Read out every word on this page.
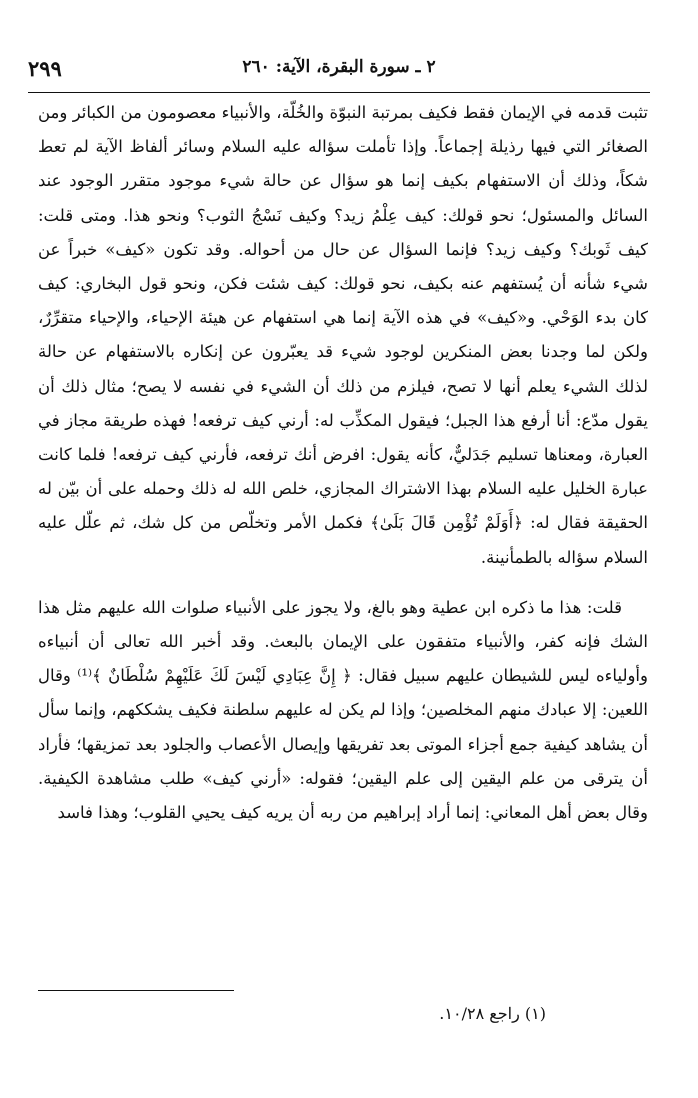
٢٩٩	٢ ـ سورة البقرة، الآية: ٢٦٠

تثبت قدمه في الإيمان فقط فكيف بمرتبة النبوّة والخُلّة، والأنبياء معصومون من الكبائر ومن الصغائر التي فيها رذيلة إجماعاً. وإذا تأملت سؤاله عليه السلام وسائر ألفاظ الآية لم تعط شكاً، وذلك أن الاستفهام بكيف إنما هو سؤال عن حالة شيء موجود متقرر الوجود عند السائل والمسئول؛ نحو قولك: كيف عِلْمُ زيد؟ وكيف نَسْجُ الثوب؟ ونحو هذا. ومتى قلت: كيف ثَوبك؟ وكيف زيد؟ فإنما السؤال عن حال من أحواله. وقد تكون «كيف» خبراً عن شيء شأنه أن يُستفهم عنه بكيف، نحو قولك: كيف شئت فكن، ونحو قول البخاري: كيف كان بدء الوَحْي. و«كيف» في هذه الآية إنما هي استفهام عن هيئة الإحياء، والإحياء متقرِّرٌ، ولكن لما وجدنا بعض المنكرين لوجود شيء قد يعبّرون عن إنكاره بالاستفهام عن حالة لذلك الشيء يعلم أنها لا تصح، فيلزم من ذلك أن الشيء في نفسه لا يصح؛ مثال ذلك أن يقول مدّع: أنا أرفع هذا الجبل؛ فيقول المكذِّب له: أرني كيف ترفعه! فهذه طريقة مجاز في العبارة، ومعناها تسليم جَدَليٌّ، كأنه يقول: افرض أنك ترفعه، فأرني كيف ترفعه! فلما كانت عبارة الخليل عليه السلام بهذا الاشتراك المجازي، خلص الله له ذلك وحمله على أن بيّن له الحقيقة فقال له: ﴿أَوَلَمْ تُؤْمِن قَالَ بَلَىٰ﴾ فكمل الأمر وتخلّص من كل شك، ثم علّل عليه السلام سؤاله بالطمأنينة.

قلت: هذا ما ذكره ابن عطية وهو بالغ، ولا يجوز على الأنبياء صلوات الله عليهم مثل هذا الشك فإنه كفر، والأنبياء متفقون على الإيمان بالبعث. وقد أخبر الله تعالى أن أنبياءه وأولياءه ليس للشيطان عليهم سبيل فقال: ﴿ إِنَّ عِبَادِي لَيْسَ لَكَ عَلَيْهِمْ سُلْطَانٌ ﴾⁽¹⁾ وقال اللعين: إلا عبادك منهم المخلصين؛ وإذا لم يكن له عليهم سلطنة فكيف يشككهم، وإنما سأل أن يشاهد كيفية جمع أجزاء الموتى بعد تفريقها وإيصال الأعصاب والجلود بعد تمزيقها؛ فأراد أن يترقى من علم اليقين إلى علم اليقين؛ فقوله: «أرني كيف» طلب مشاهدة الكيفية. وقال بعض أهل المعاني: إنما أراد إبراهيم من ربه أن يريه كيف يحيي القلوب؛ وهذا فاسد

(١) راجع ١٠/٢٨.
